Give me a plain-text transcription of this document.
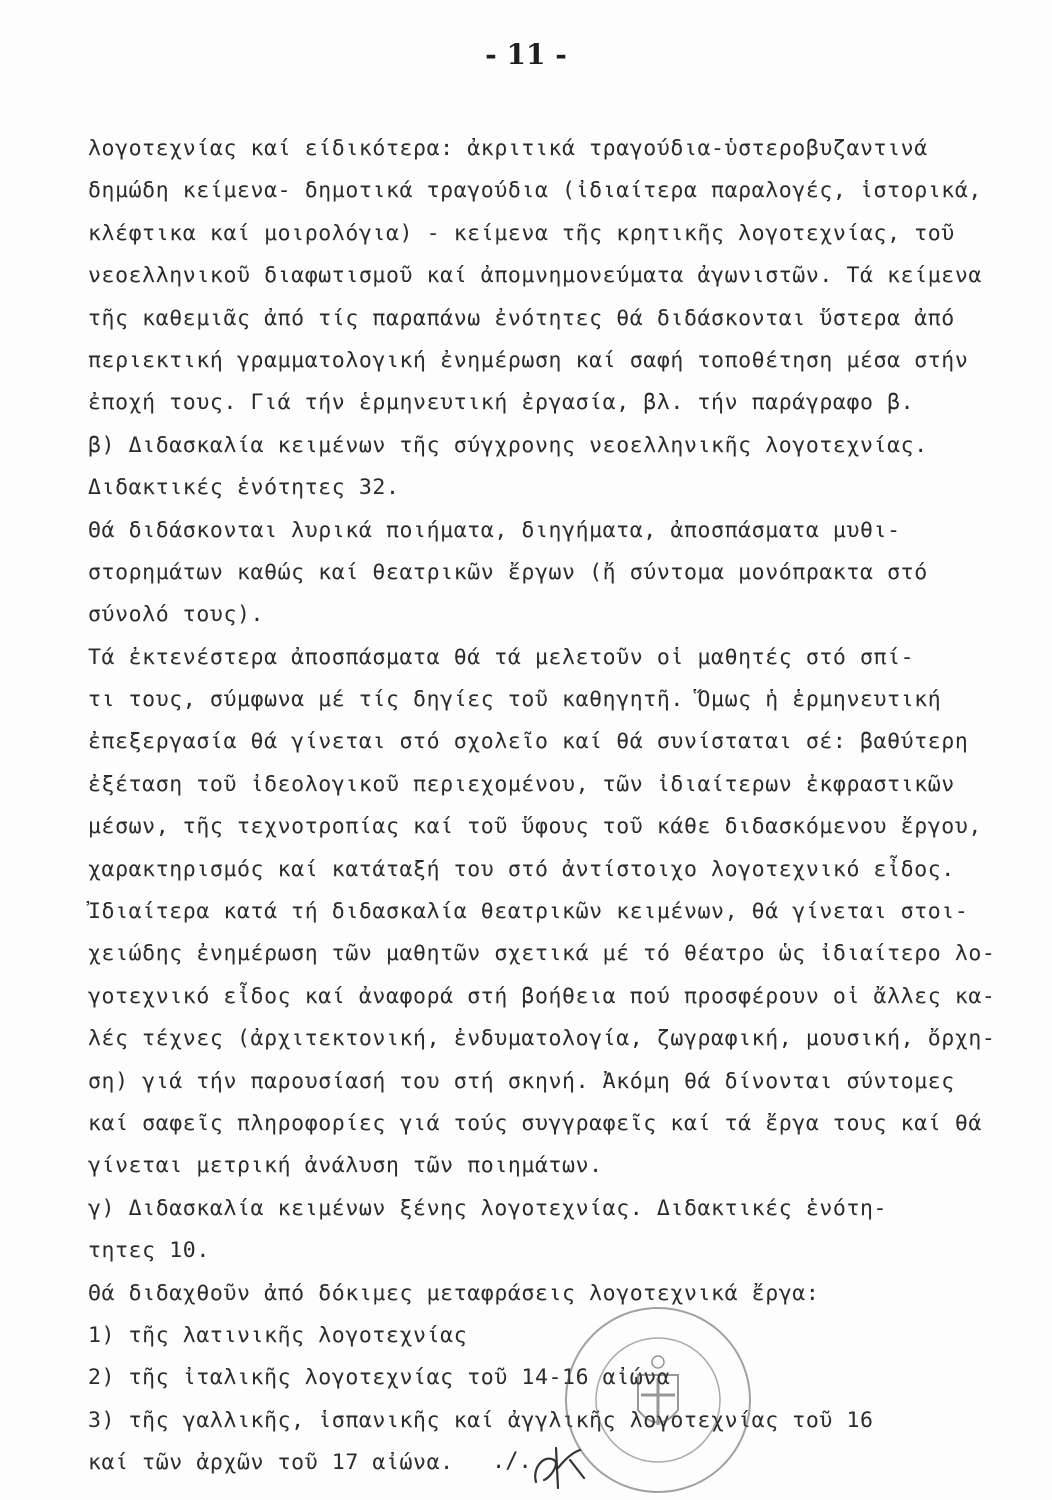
- 11 -
λογοτεχνίας καί είδικότερα: ἀκριτικά τραγούδια-ὑστεροβυζαντινά
δημώδη κείμενα- δημοτικά τραγούδια (ἰδιαίτερα παραλογές, ἱστορικά,
κλέφτικα καί μοιρολόγια) - κείμενα τῆς κρητικῆς λογοτεχνίας, τοῦ
νεοελληνικοῦ διαφωτισμοῦ καί ἀπομνημονεύματα ἀγωνιστῶν. Τά κείμενα
τῆς καθεμιᾶς ἀπό τίς παραπάνω ἐνότητες θά διδάσκονται ὕστερα ἀπό
περιεκτική γραμματολογική ἐνημέρωση καί σαφή τοποθέτηση μέσα στήν
ἐποχή τους. Γιά τήν ἑρμηνευτική ἐργασία, βλ. τήν παράγραφο β.
β) Διδασκαλία κειμένων τῆς σύγχρονης νεοελληνικῆς λογοτεχνίας.
Διδακτικές ἑνότητες 32.
Θά διδάσκονται λυρικά ποιήματα, διηγήματα, ἀποσπάσματα μυθι-
στορημάτων καθώς καί θεατρικῶν ἔργων (ἤ σύντομα μονόπρακτα στό
σύνολό τους).
Τά ἐκτενέστερα ἀποσπάσματα θά τά μελετοῦν οἱ μαθητές στό σπί-
τι τους, σύμφωνα μέ τίς δηγίες τοῦ καθηγητῆ. Ὅμως ἡ ἑρμηνευτική
ἐπεξεργασία θά γίνεται στό σχολεῖο καί θά συνίσταται σέ: βαθύτερη
ἐξέταση τοῦ ἰδεολογικοῦ περιεχομένου, τῶν ἰδιαίτερων ἐκφραστικῶν
μέσων, τῆς τεχνοτροπίας καί τοῦ ὕφους τοῦ κάθε διδασκόμενου ἔργου,
χαρακτηρισμός καί κατάταξή του στό ἀντίστοιχο λογοτεχνικό εἶδος.
Ἰδιαίτερα κατά τή διδασκαλία θεατρικῶν κειμένων, θά γίνεται στοι-
χειώδης ἐνημέρωση τῶν μαθητῶν σχετικά μέ τό θέατρο ὡς ἰδιαίτερο λο-
γοτεχνικό εἶδος καί ἀναφορά στή βοήθεια πού προσφέρουν οἱ ἄλλες κα-
λές τέχνες (ἀρχιτεκτονική, ἐνδυματολογία, ζωγραφική, μουσική, ὄρχη-
ση) γιά τήν παρουσίασή του στή σκηνή. Ἀκόμη θά δίνονται σύντομες
καί σαφεῖς πληροφορίες γιά τούς συγγραφεῖς καί τά ἔργα τους καί θά
γίνεται μετρική ἀνάλυση τῶν ποιημάτων.
γ) Διδασκαλία κειμένων ξένης λογοτεχνίας. Διδακτικές ἑνότη-
τητες 10.
Θά διδαχθοῦν ἀπό δόκιμες μεταφράσεις λογοτεχνικά ἔργα:
1) τῆς λατινικῆς λογοτεχνίας
2) τῆς ἰταλικῆς λογοτεχνίας τοῦ 14-16 αἰώνα
3) τῆς γαλλικῆς, ἱσπανικῆς καί ἀγγλικῆς λογοτεχνίας τοῦ 16
καί τῶν ἀρχῶν τοῦ 17 αἰώνα.	./.
